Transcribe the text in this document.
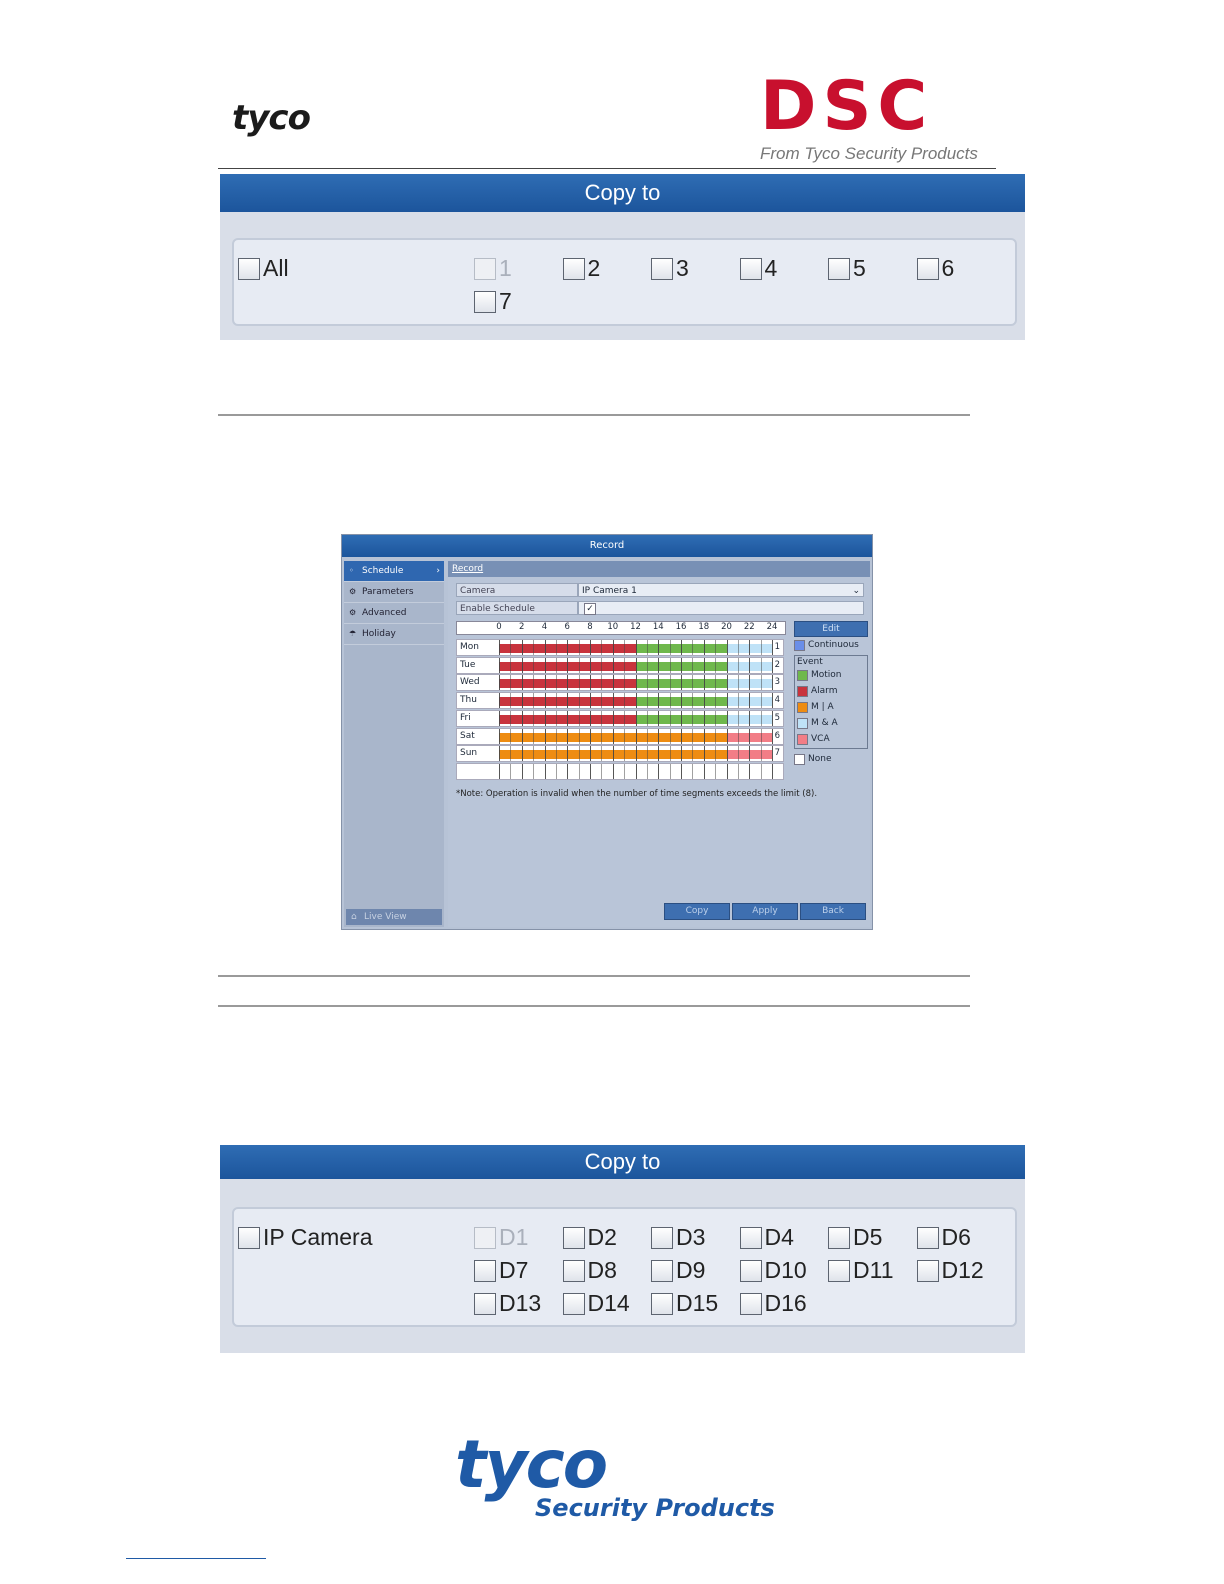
tyco	DSC
From Tyco Security Products
Copy to
All	1	2	3	4	5	6
7
Record
◦ Schedule	›
⚙ Parameters
⚙ Advanced
☂ Holiday
⌂ Live View
Record
Camera	IP Camera 1	⌄
Enable Schedule	✓
0 2 4 6 8 10 12 14 16 18 20 22 24
Mon	1
Tue	2
Wed	3
Thu	4
Fri	5
Sat	6
Sun	7
Edit
Continuous
Event
Motion
Alarm
M | A
M & A
VCA
None
*Note: Operation is invalid when the number of time segments exceeds the limit (8).
Copy	Apply	Back
Copy to
IP Camera	D1	D2	D3	D4	D5	D6
D7	D8	D9	D10 D11 D12
D13 D14 D15 D16
tyco
Security Products
